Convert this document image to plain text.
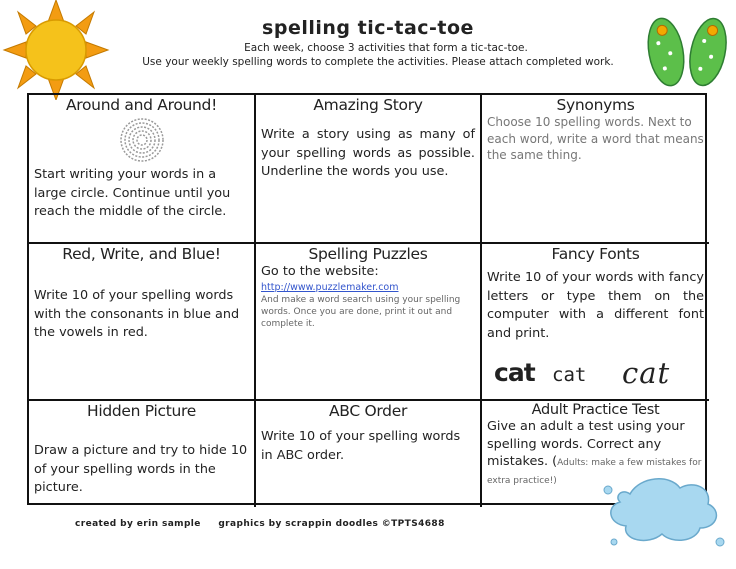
spelling tic-tac-toe
Each week, choose 3 activities that form a tic-tac-toe.
Use your weekly spelling words to complete the activities. Please attach completed work.
Around and Around!
Start writing your words in a large circle. Continue until you reach the middle of the circle.
Amazing Story
Write a story using as many of your spelling words as possible. Underline the words you use.
Synonyms
Choose 10 spelling words. Next to each word, write a word that means the same thing.
Red, Write, and Blue!
Write 10 of your spelling words with the consonants in blue and the vowels in red.
Spelling Puzzles
Go to the website:
http://www.puzzlemaker.com
And make a word search using your spelling words. Once you are done, print it out and complete it.
Fancy Fonts
Write 10 of your words with fancy letters or type them on the computer with a different font and print.
cat cat cat
Hidden Picture
Draw a picture and try to hide 10 of your spelling words in the picture.
ABC Order
Write 10 of your spelling words in ABC order.
Adult Practice Test
Give an adult a test using your spelling words. Correct any mistakes. (Adults: make a few mistakes for extra practice!)
created by erin sample graphics by scrappin doodles ©TPTS4688
